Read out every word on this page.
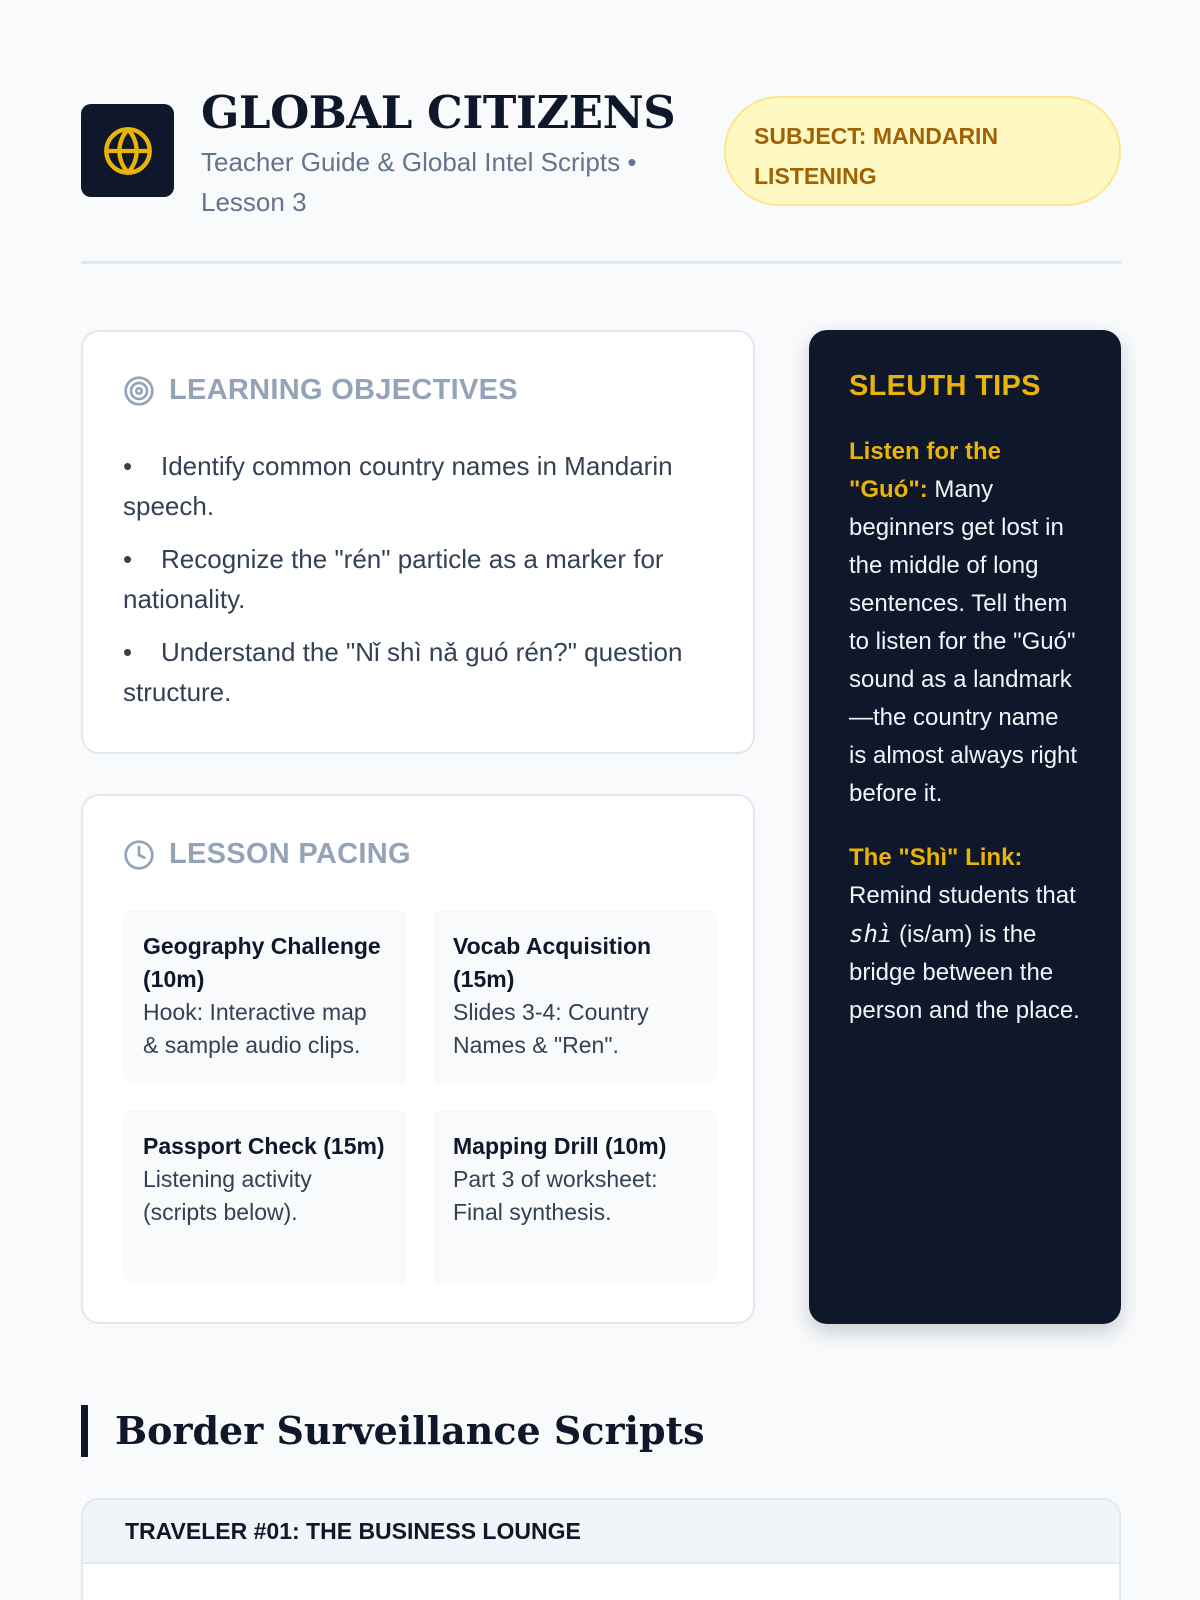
GLOBAL CITIZENS
Teacher Guide & Global Intel Scripts • Lesson 3
SUBJECT: MANDARIN LISTENING
LEARNING OBJECTIVES
• Identify common country names in Mandarin speech.
• Recognize the "rén" particle as a marker for nationality.
• Understand the "Nǐ shì nǎ guó rén?" question structure.
LESSON PACING
Geography Challenge (10m)
Hook: Interactive map & sample audio clips.
Vocab Acquisition (15m)
Slides 3-4: Country Names & "Ren".
Passport Check (15m)
Listening activity (scripts below).
Mapping Drill (10m)
Part 3 of worksheet: Final synthesis.
SLEUTH TIPS

Listen for the "Guó": Many beginners get lost in the middle of long sentences. Tell them to listen for the "Guó" sound as a landmark—the country name is almost always right before it.

The "Shì" Link: Remind students that shì (is/am) is the bridge between the person and the place.

Border Surveillance Scripts
TRAVELER #01: THE BUSINESS LOUNGE
